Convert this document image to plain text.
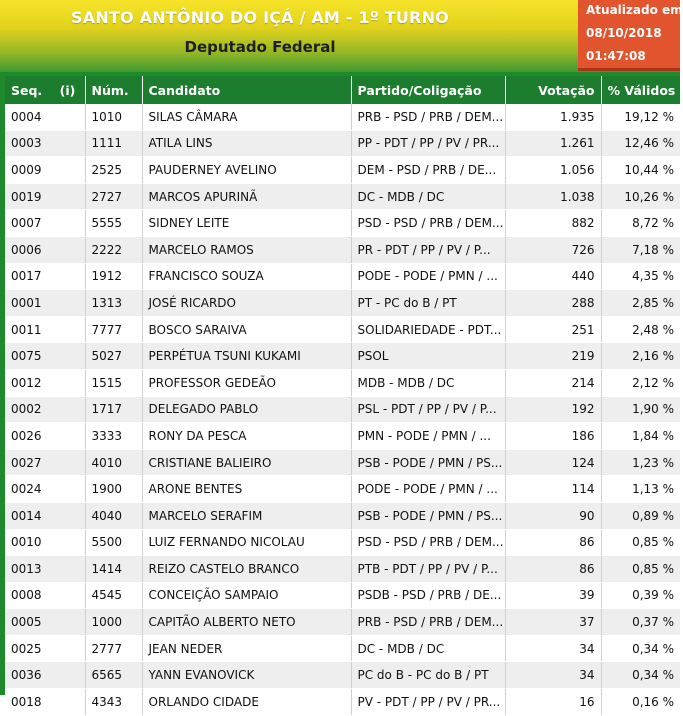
SANTO ANTÔNIO DO IÇÁ / AM - 1º TURNO
Deputado Federal
Atualizado em
08/10/2018
01:47:08
Seq. (i)	Núm.	Candidato	Partido/Coligação	Votação	% Válidos
0004	1010	SILAS CÂMARA	PRB - PSD / PRB / DEM...	1.935	19,12 %
0003	1111	ATILA LINS	PP - PDT / PP / PV / PR...	1.261	12,46 %
0009	2525	PAUDERNEY AVELINO	DEM - PSD / PRB / DE...	1.056	10,44 %
0019	2727	MARCOS APURINÃ	DC - MDB / DC	1.038	10,26 %
0007	5555	SIDNEY LEITE	PSD - PSD / PRB / DEM...	882	8,72 %
0006	2222	MARCELO RAMOS	PR - PDT / PP / PV / P...	726	7,18 %
0017	1912	FRANCISCO SOUZA	PODE - PODE / PMN / ...	440	4,35 %
0001	1313	JOSÉ RICARDO	PT - PC do B / PT	288	2,85 %
0011	7777	BOSCO SARAIVA	SOLIDARIEDADE - PDT...	251	2,48 %
0075	5027	PERPÉTUA TSUNI KUKAMI	PSOL	219	2,16 %
0012	1515	PROFESSOR GEDEÃO	MDB - MDB / DC	214	2,12 %
0002	1717	DELEGADO PABLO	PSL - PDT / PP / PV / P...	192	1,90 %
0026	3333	RONY DA PESCA	PMN - PODE / PMN / ...	186	1,84 %
0027	4010	CRISTIANE BALIEIRO	PSB - PODE / PMN / PS...	124	1,23 %
0024	1900	ARONE BENTES	PODE - PODE / PMN / ...	114	1,13 %
0014	4040	MARCELO SERAFIM	PSB - PODE / PMN / PS...	90	0,89 %
0010	5500	LUIZ FERNANDO NICOLAU	PSD - PSD / PRB / DEM...	86	0,85 %
0013	1414	REIZO CASTELO BRANCO	PTB - PDT / PP / PV / P...	86	0,85 %
0008	4545	CONCEIÇÃO SAMPAIO	PSDB - PSD / PRB / DE...	39	0,39 %
0005	1000	CAPITÃO ALBERTO NETO	PRB - PSD / PRB / DEM...	37	0,37 %
0025	2777	JEAN NEDER	DC - MDB / DC	34	0,34 %
0036	6565	YANN EVANOVICK	PC do B - PC do B / PT	34	0,34 %
0018	4343	ORLANDO CIDADE	PV - PDT / PP / PV / PR...	16	0,16 %
